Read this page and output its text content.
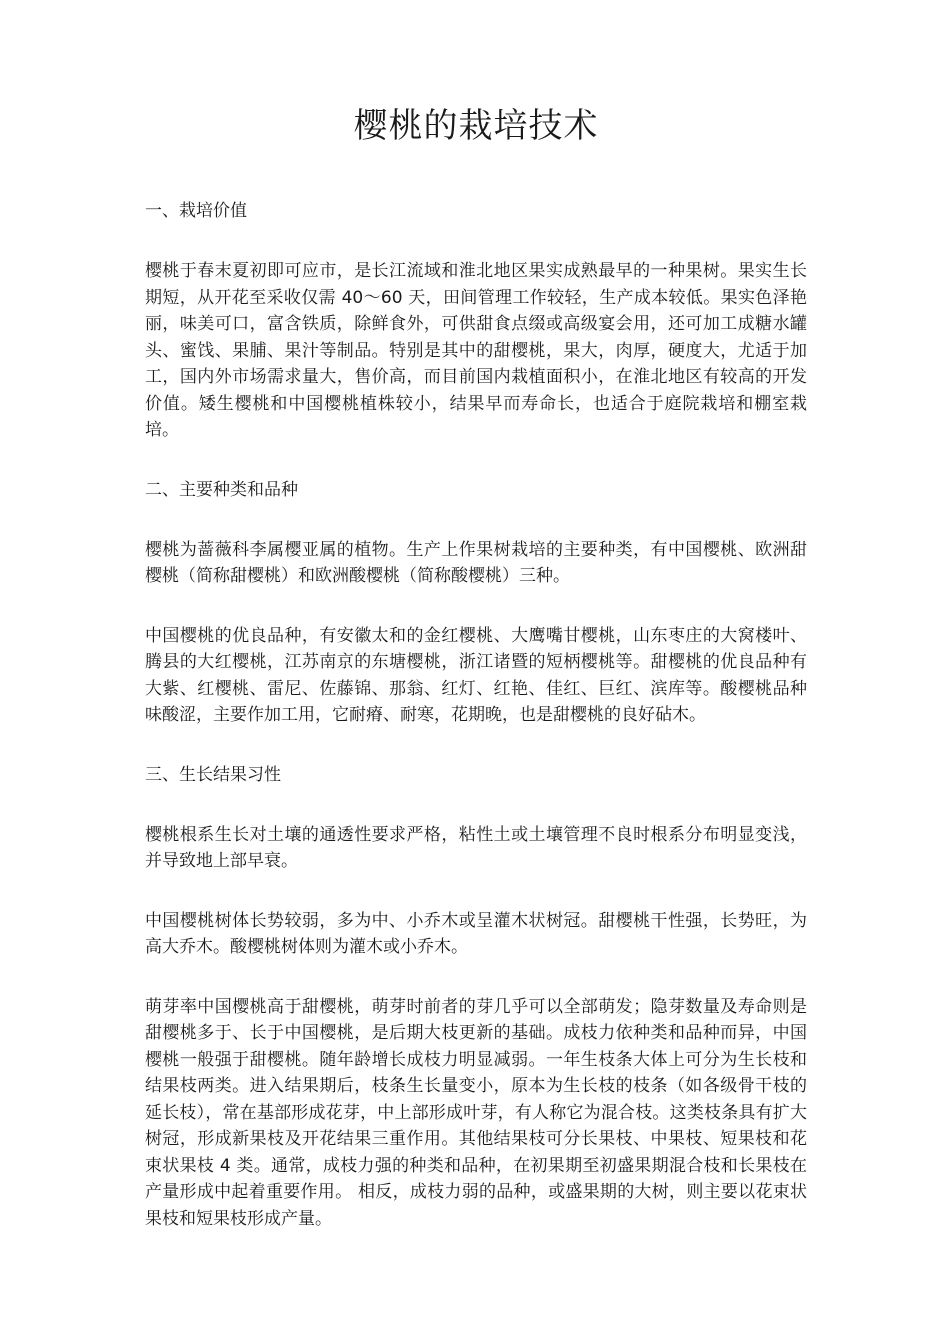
樱桃的栽培技术
一、栽培价值

樱桃于春末夏初即可应市，是长江流域和淮北地区果实成熟最早的一种果树。果实生长期短，从开花至采收仅需 40～60 天，田间管理工作较轻，生产成本较低。果实色泽艳丽，味美可口，富含铁质，除鲜食外，可供甜食点缀或高级宴会用，还可加工成糖水罐头、蜜饯、果脯、果汁等制品。特别是其中的甜樱桃，果大，肉厚，硬度大，尤适于加工，国内外市场需求量大，售价高，而目前国内栽植面积小，在淮北地区有较高的开发价值。矮生樱桃和中国樱桃植株较小，结果早而寿命长，也适合于庭院栽培和棚室栽培。

二、主要种类和品种

樱桃为蔷薇科李属樱亚属的植物。生产上作果树栽培的主要种类，有中国樱桃、欧洲甜樱桃（简称甜樱桃）和欧洲酸樱桃（简称酸樱桃）三种。

中国樱桃的优良品种，有安徽太和的金红樱桃、大鹰嘴甘樱桃，山东枣庄的大窝楼叶、腾县的大红樱桃，江苏南京的东塘樱桃，浙江诸暨的短柄樱桃等。甜樱桃的优良品种有大紫、红樱桃、雷尼、佐藤锦、那翁、红灯、红艳、佳红、巨红、滨库等。酸樱桃品种味酸涩，主要作加工用，它耐瘠、耐寒，花期晚，也是甜樱桃的良好砧木。

三、生长结果习性

樱桃根系生长对土壤的通透性要求严格，粘性土或土壤管理不良时根系分布明显变浅，并导致地上部早衰。

中国樱桃树体长势较弱，多为中、小乔木或呈灌木状树冠。甜樱桃干性强，长势旺，为高大乔木。酸樱桃树体则为灌木或小乔木。

萌芽率中国樱桃高于甜樱桃，萌芽时前者的芽几乎可以全部萌发；隐芽数量及寿命则是甜樱桃多于、长于中国樱桃，是后期大枝更新的基础。成枝力依种类和品种而异，中国樱桃一般强于甜樱桃。随年龄增长成枝力明显减弱。一年生枝条大体上可分为生长枝和结果枝两类。进入结果期后，枝条生长量变小，原本为生长枝的枝条（如各级骨干枝的延长枝），常在基部形成花芽，中上部形成叶芽，有人称它为混合枝。这类枝条具有扩大树冠，形成新果枝及开花结果三重作用。其他结果枝可分长果枝、中果枝、短果枝和花束状果枝 4 类。通常，成枝力强的种类和品种，在初果期至初盛果期混合枝和长果枝在产量形成中起着重要作用。 相反，成枝力弱的品种，或盛果期的大树，则主要以花束状果枝和短果枝形成产量。
